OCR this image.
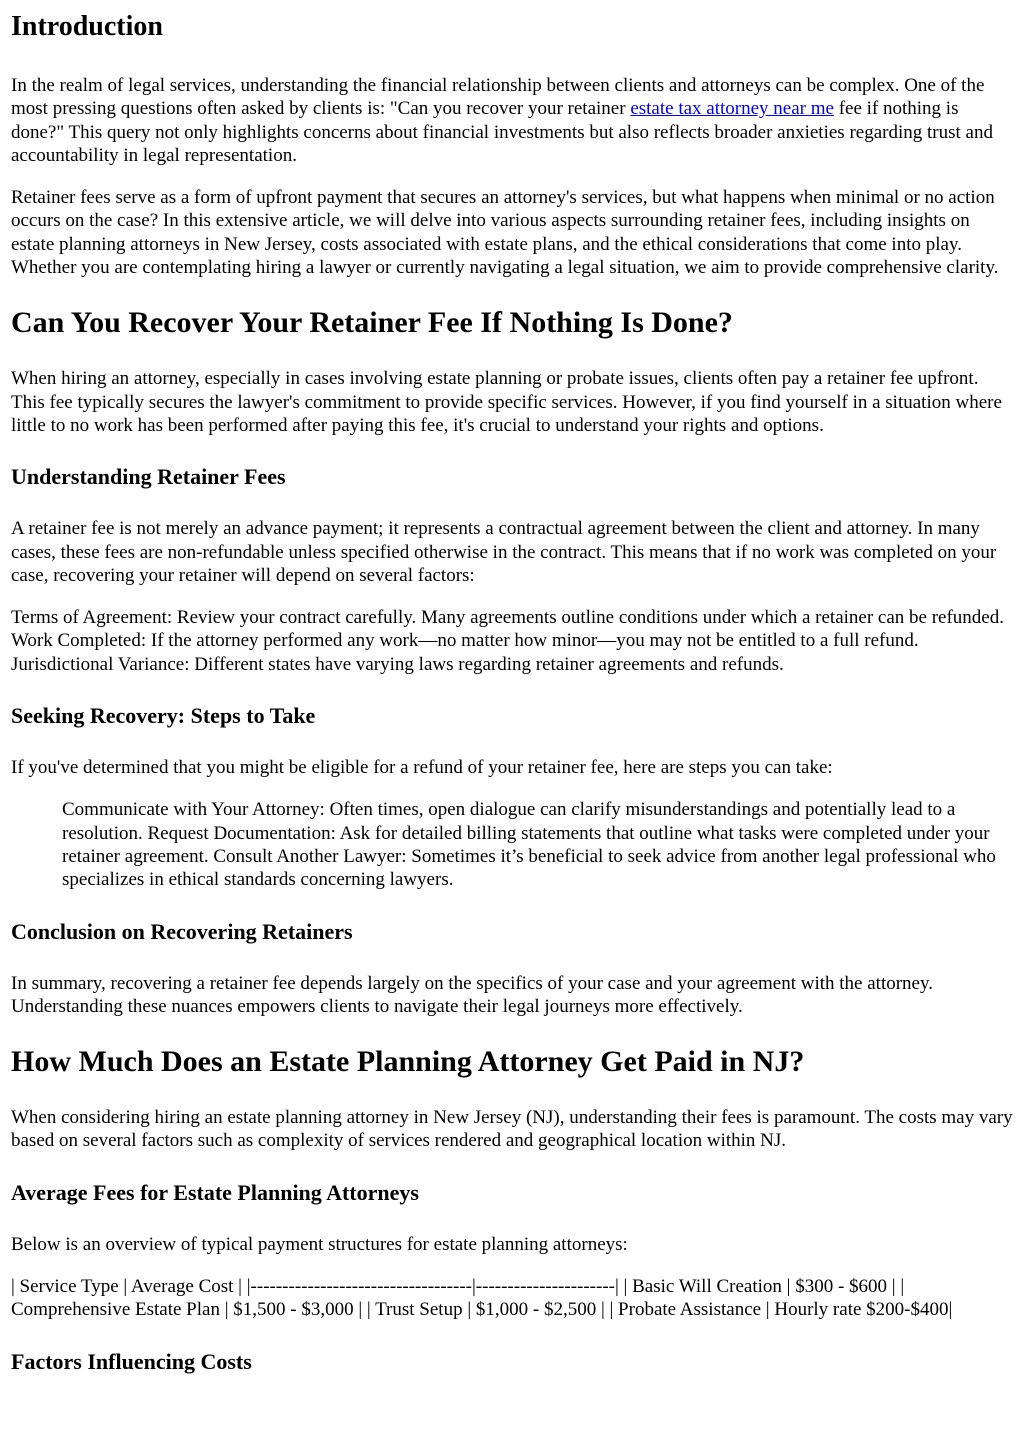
Introduction

In the realm of legal services, understanding the financial relationship between clients and attorneys can be complex. One of the most pressing questions often asked by clients is: "Can you recover your retainer estate tax attorney near me fee if nothing is done?" This query not only highlights concerns about financial investments but also reflects broader anxieties regarding trust and accountability in legal representation.

Retainer fees serve as a form of upfront payment that secures an attorney's services, but what happens when minimal or no action occurs on the case? In this extensive article, we will delve into various aspects surrounding retainer fees, including insights on estate planning attorneys in New Jersey, costs associated with estate plans, and the ethical considerations that come into play. Whether you are contemplating hiring a lawyer or currently navigating a legal situation, we aim to provide comprehensive clarity.

Can You Recover Your Retainer Fee If Nothing Is Done?

When hiring an attorney, especially in cases involving estate planning or probate issues, clients often pay a retainer fee upfront. This fee typically secures the lawyer's commitment to provide specific services. However, if you find yourself in a situation where little to no work has been performed after paying this fee, it's crucial to understand your rights and options.

Understanding Retainer Fees

A retainer fee is not merely an advance payment; it represents a contractual agreement between the client and attorney. In many cases, these fees are non-refundable unless specified otherwise in the contract. This means that if no work was completed on your case, recovering your retainer will depend on several factors:

Terms of Agreement: Review your contract carefully. Many agreements outline conditions under which a retainer can be refunded. Work Completed: If the attorney performed any work—no matter how minor—you may not be entitled to a full refund. Jurisdictional Variance: Different states have varying laws regarding retainer agreements and refunds.

Seeking Recovery: Steps to Take

If you've determined that you might be eligible for a refund of your retainer fee, here are steps you can take:

Communicate with Your Attorney: Often times, open dialogue can clarify misunderstandings and potentially lead to a resolution. Request Documentation: Ask for detailed billing statements that outline what tasks were completed under your retainer agreement. Consult Another Lawyer: Sometimes it’s beneficial to seek advice from another legal professional who specializes in ethical standards concerning lawyers.

Conclusion on Recovering Retainers

In summary, recovering a retainer fee depends largely on the specifics of your case and your agreement with the attorney. Understanding these nuances empowers clients to navigate their legal journeys more effectively.

How Much Does an Estate Planning Attorney Get Paid in NJ?

When considering hiring an estate planning attorney in New Jersey (NJ), understanding their fees is paramount. The costs may vary based on several factors such as complexity of services rendered and geographical location within NJ.

Average Fees for Estate Planning Attorneys

Below is an overview of typical payment structures for estate planning attorneys:

| Service Type | Average Cost | |-----------------------------------|----------------------| | Basic Will Creation | $300 - $600 | | Comprehensive Estate Plan | $1,500 - $3,000 | | Trust Setup | $1,000 - $2,500 | | Probate Assistance | Hourly rate $200-$400|

Factors Influencing Costs
